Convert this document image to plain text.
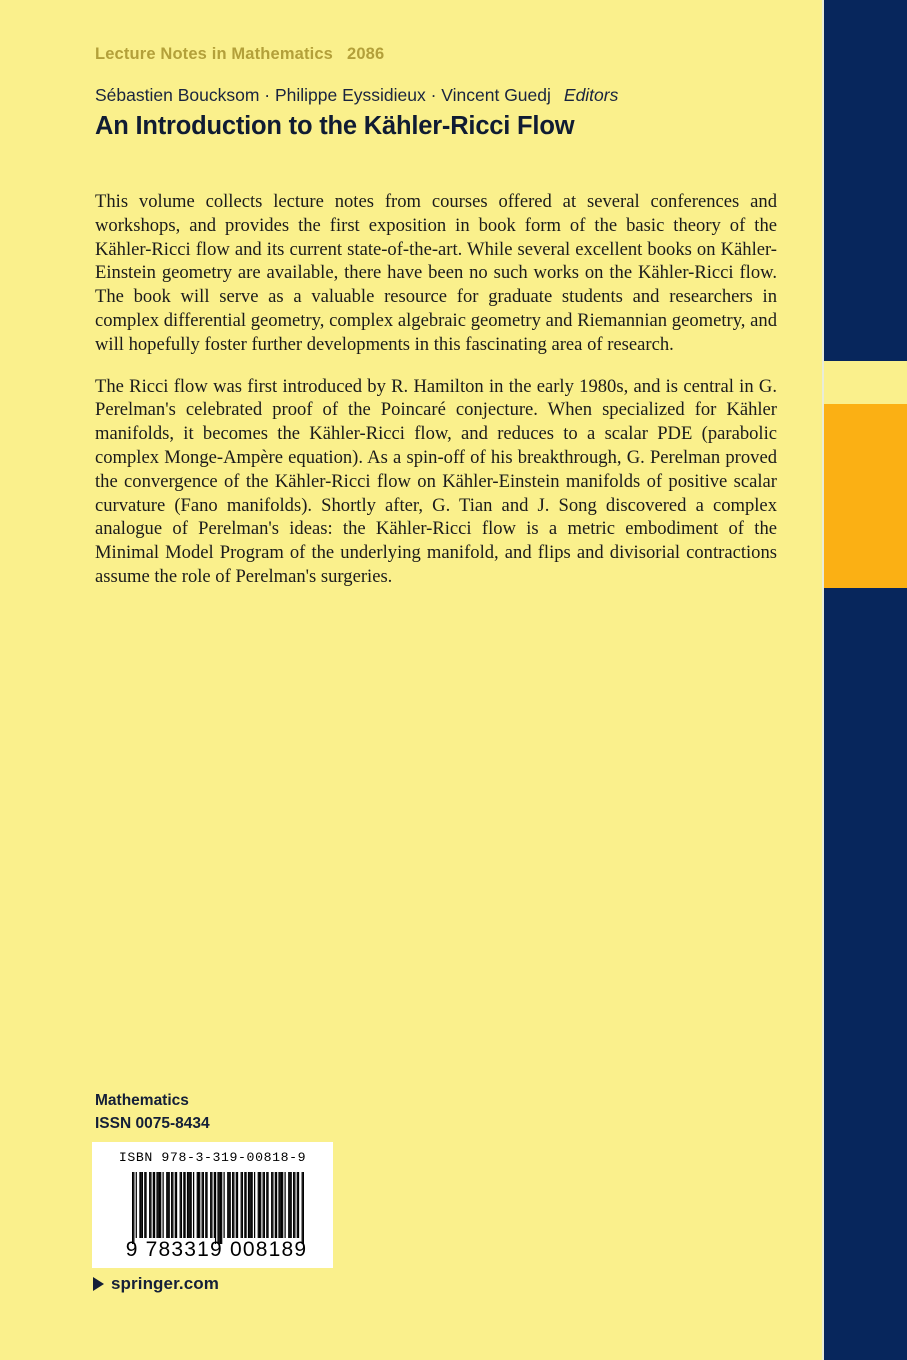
Lecture Notes in Mathematics 2086
Sébastien Boucksom · Philippe Eyssidieux · Vincent Guedj Editors
An Introduction to the Kähler-Ricci Flow

This volume collects lecture notes from courses offered at several conferences and workshops, and provides the first exposition in book form of the basic theory of the Kähler-Ricci flow and its current state-of-the-art. While several excellent books on Kähler-Einstein geometry are available, there have been no such works on the Kähler-Ricci flow. The book will serve as a valuable resource for graduate students and researchers in complex differential geometry, complex algebraic geometry and Riemannian geometry, and will hopefully foster further developments in this fascinating area of research.

The Ricci flow was first introduced by R. Hamilton in the early 1980s, and is central in G. Perelman's celebrated proof of the Poincaré conjecture. When specialized for Kähler manifolds, it becomes the Kähler-Ricci flow, and reduces to a scalar PDE (parabolic complex Monge-Ampère equation). As a spin-off of his breakthrough, G. Perelman proved the convergence of the Kähler-Ricci flow on Kähler-Einstein manifolds of positive scalar curvature (Fano manifolds). Shortly after, G. Tian and J. Song discovered a complex analogue of Perelman's ideas: the Kähler-Ricci flow is a metric embodiment of the Minimal Model Program of the underlying manifold, and flips and divisorial contractions assume the role of Perelman's surgeries.

Mathematics
ISSN 0075-8434
ISBN 978-3-319-00818-9
9 783319 008189
springer.com
